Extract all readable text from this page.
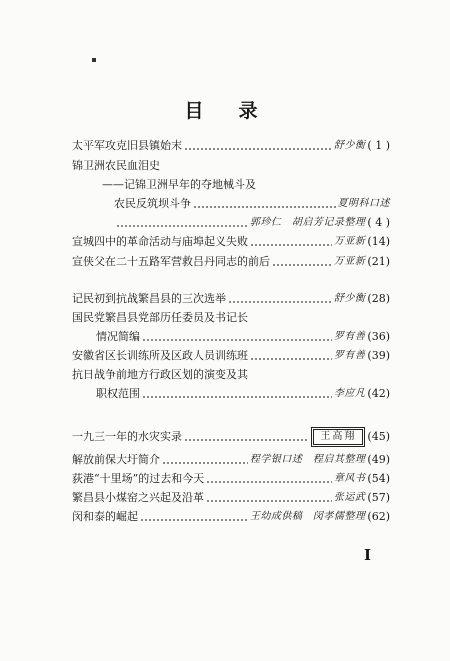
目　录
太平军攻克旧县镇始末	舒少衡 ( 1 )
锦卫洲农民血泪史
——记锦卫洲早年的夺地械斗及
农民反筑坝斗争	夏明科口述
郭珍仁　胡启芳记录整理 ( 4 )
宣城四中的革命活动与庙埠起义失败	万亚新 (14)
宣侠父在二十五路军营救吕丹同志的前后	万亚新 (21)
记民初到抗战繁昌县的三次选举	舒少衡 (28)
国民党繁昌县党部历任委员及书记长
情况简编	罗有善 (36)
安徽省区长训练所及区政人员训练班	罗有善 (39)
抗日战争前地方行政区划的演变及其
职权范围	李应凡 (42)
一九三一年的水灾实录	王高翔	(45)
解放前保大圩简介	程学银口述　程启其整理 (49)
荻港“十里场”的过去和今天	章风书 (54)
繁昌县小煤窑之兴起及沿革	张运武 (57)
闵和泰的崛起	王幼成供稿　闵孝儒整理 (62)
I
